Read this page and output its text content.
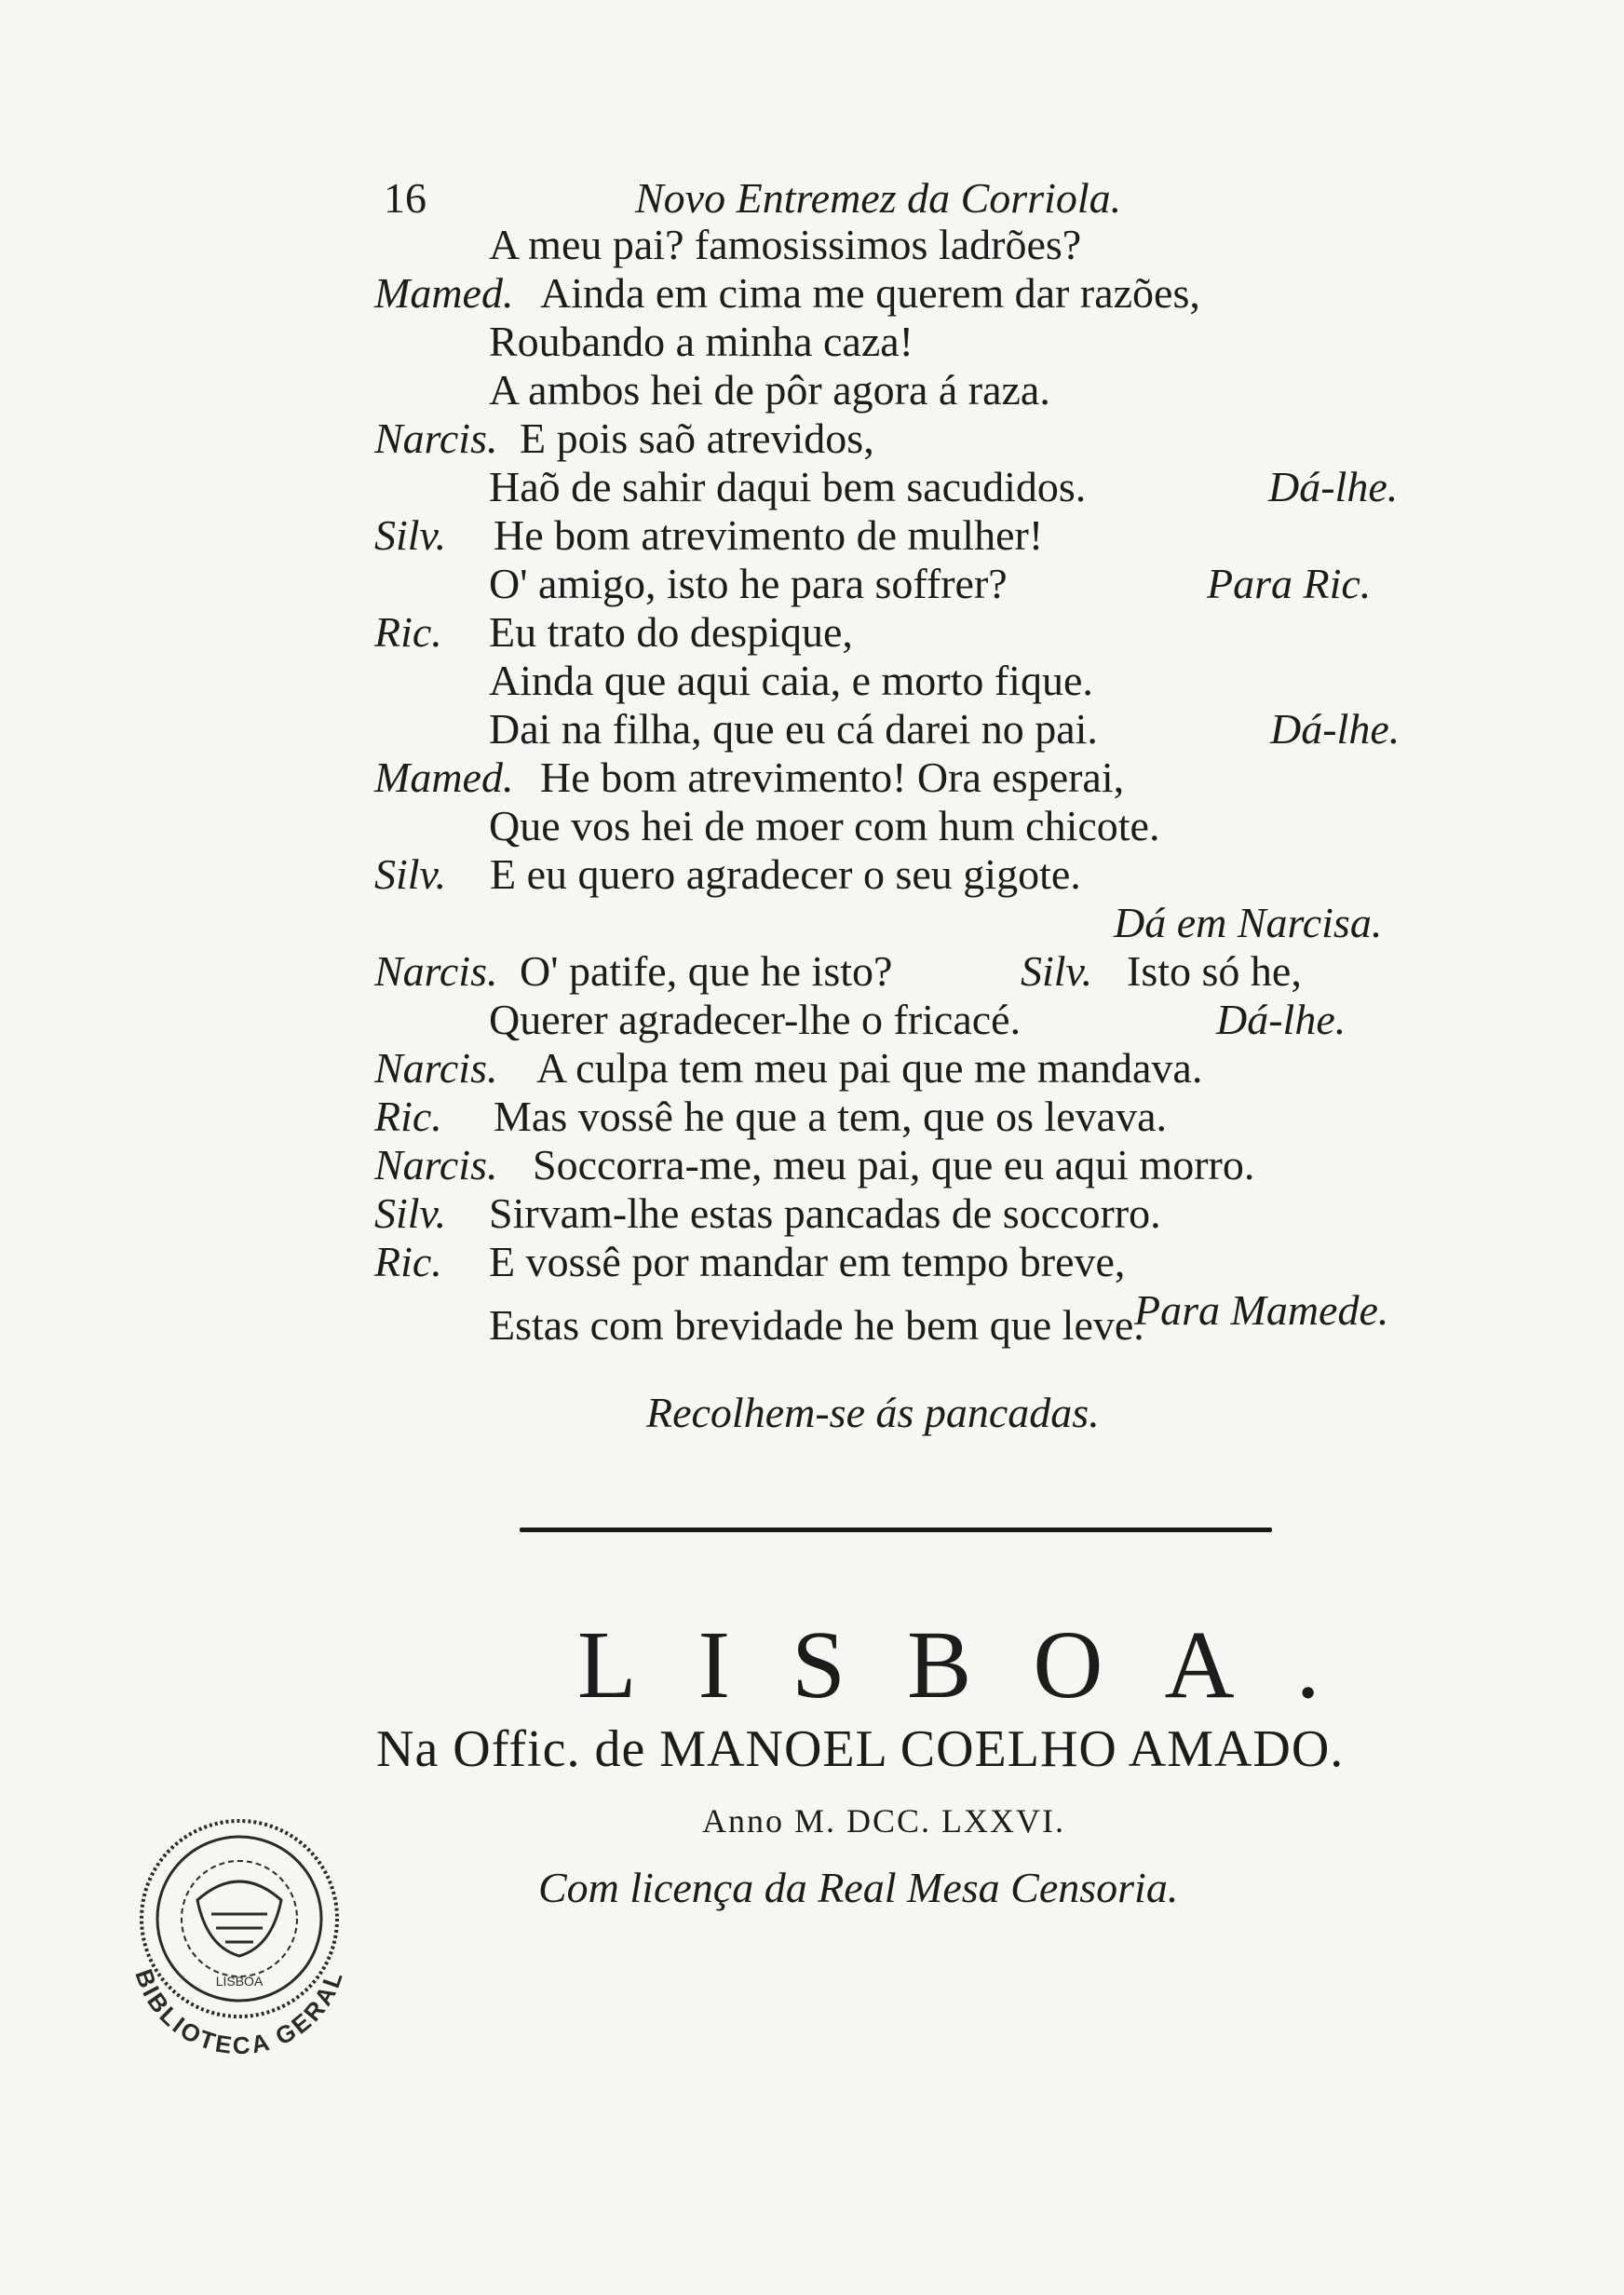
16	Novo Entremez da Corriola.
A meu pai? famosissimos ladrões?
Mamed. Ainda em cima me querem dar razões,
Roubando a minha caza!
A ambos hei de pôr agora á raza.
Narcis. E pois saõ atrevidos,
Haõ de sahir daqui bem sacudidos.	Dá-lhe.
Silv. He bom atrevimento de mulher!
O' amigo, isto he para soffrer?	Para Ric.
Ric. Eu trato do despique,
Ainda que aqui caia, e morto fique.
Dai na filha, que eu cá darei no pai.	Dá-lhe.
Mamed. He bom atrevimento! Ora esperai,
Que vos hei de moer com hum chicote.
Silv. E eu quero agradecer o seu gigote.
Dá em Narcisa.
Narcis. O' patife, que he isto?	Silv. Isto só he,
Querer agradecer-lhe o fricacé.	Dá-lhe.
Narcis. A culpa tem meu pai que me mandava.
Ric. Mas vossê he que a tem, que os levava.
Narcis. Soccorra-me, meu pai, que eu aqui morro.
Silv. Sirvam-lhe estas pancadas de soccorro.
Ric. E vossê por mandar em tempo breve,
Para Mamede.
Estas com brevidade he bem que leve.
Recolhem-se ás pancadas.
LISBOA.
Na Offic. de MANOEL COELHO AMADO.
Anno M. DCC. LXXVI.
Com licença da Real Mesa Censoria.
LISBOA
BIBLIOTECA GERAL
